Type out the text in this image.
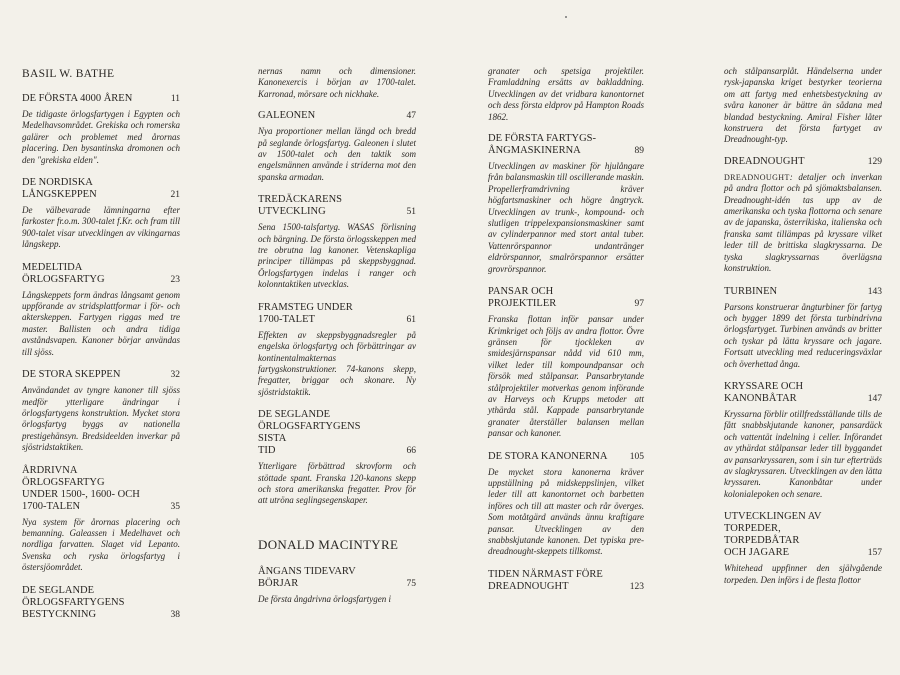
BASIL W. BATHE
DE FÖRSTA 4000 ÅREN	11
De tidigaste örlogsfartygen i Egypten och Medelhavsområdet. Grekiska och romerska galärer och problemet med årornas placering. Den bysantinska dromonen och den "grekiska elden".
DE NORDISKA
LÅNGSKEPPEN	21
De välbevarade lämningarna efter farkoster fr.o.m. 300-talet f.Kr. och fram till 900-talet visar utvecklingen av vikingarnas långskepp.
MEDELTIDA
ÖRLOGSFARTYG	23
Långskeppets form ändras långsamt genom uppförande av stridsplattformar i för- och akterskeppen. Fartygen riggas med tre master. Ballisten och andra tidiga avståndsvapen. Kanoner börjar användas till sjöss.
DE STORA SKEPPEN	32
Användandet av tyngre kanoner till sjöss medför ytterligare ändringar i örlogsfartygens konstruktion. Mycket stora örlogsfartyg byggs av nationella prestigehänsyn. Bredsideelden inverkar på sjöstridstaktiken.
ÅRDRIVNA ÖRLOGSFARTYG
UNDER 1500-, 1600- OCH
1700-TALEN	35
Nya system för årornas placering och bemanning. Galeassen i Medelhavet och nordliga farvatten. Slaget vid Lepanto. Svenska och ryska örlogsfartyg i östersjöområdet.
DE SEGLANDE
ÖRLOGSFARTYGENS
BESTYCKNING	38
nernas namn och dimensioner. Kanonexercis i början av 1700-talet. Karronad, mörsare och nickhake.
GALEONEN	47
Nya proportioner mellan längd och bredd på seglande örlogsfartyg. Galeonen i slutet av 1500-talet och den taktik som engelsmännen använde i striderna mot den spanska armadan.
TREDÄCKARENS
UTVECKLING	51
Sena 1500-talsfartyg. WASAS förlisning och bärgning. De första örlogsskeppen med tre obrutna lag kanoner. Vetenskapliga principer tillämpas på skeppsbyggnad. Örlogsfartygen indelas i ranger och kolonntaktiken utvecklas.
FRAMSTEG UNDER
1700-TALET	61
Effekten av skeppsbyggnadsregler på engelska örlogsfartyg och förbättringar av kontinentalmakternas fartygskonstruktioner. 74-kanons skepp, fregatter, briggar och skonare. Ny sjöstridstaktik.
DE SEGLANDE
ÖRLOGSFARTYGENS SISTA
TID	66
Ytterligare förbättrad skrovform och stöttade spant. Franska 120-kanons skepp och stora amerikanska fregatter. Prov för att utröna seglingsegenskaper.
DONALD MACINTYRE
ÅNGANS TIDEVARV
BÖRJAR	75
De första ångdrivna örlogsfartygen i
granater och spetsiga projektiler. Framladdning ersätts av bakladdning. Utvecklingen av det vridbara kanontornet och dess första eldprov på Hampton Roads 1862.
DE FÖRSTA FARTYGS-
ÅNGMASKINERNA	89
Utvecklingen av maskiner för hjulångare från balansmaskin till oscillerande maskin. Propellerframdrivning kräver högfartsmaskiner och högre ångtryck. Utvecklingen av trunk-, kompound- och slutligen trippelexpansionsmaskiner samt av cylinderpannor med stort antal tuber. Vattenrörspannor undantränger eldrörspannor, smalrörspannor ersätter grovrörspannor.
PANSAR OCH
PROJEKTILER	97
Franska flottan inför pansar under Krimkriget och följs av andra flottor. Övre gränsen för tjockleken av smidesjärnspansar nådd vid 610 mm, vilket leder till kompoundpansar och försök med stålpansar. Pansarbrytande stålprojektiler motverkas genom införande av Harveys och Krupps metoder att ythärda stål. Kappade pansarbrytande granater återställer balansen mellan pansar och kanoner.
DE STORA KANONERNA	105
De mycket stora kanonerna kräver uppställning på midskeppslinjen, vilket leder till att kanontornet och barbetten införes och till att master och rår överges. Som motåtgärd används ännu kraftigare pansar. Utvecklingen av den snabbskjutande kanonen. Det typiska pre-dreadnought-skeppets tillkomst.
TIDEN NÄRMAST FÖRE
DREADNOUGHT	123
och stålpansarplåt. Händelserna under rysk-japanska kriget bestyrker teorierna om att fartyg med enhetsbestyckning av svåra kanoner är bättre än sådana med blandad bestyckning. Amiral Fisher låter konstruera det första fartyget av Dreadnought-typ.
DREADNOUGHT	129
DREADNOUGHT: detaljer och inverkan på andra flottor och på sjömaktsbalansen. Dreadnought-idén tas upp av de amerikanska och tyska flottorna och senare av de japanska, österrikiska, italienska och franska samt tillämpas på kryssare vilket leder till de brittiska slagkryssarna. De tyska slagkryssarnas överlägsna konstruktion.
TURBINEN	143
Parsons konstruerar ångturbiner för fartyg och bygger 1899 det första turbindrivna örlogsfartyget. Turbinen används av britter och tyskar på lätta kryssare och jagare. Fortsatt utveckling med reduceringsväxlar och överhettad ånga.
KRYSSARE OCH
KANONBÅTAR	147
Kryssarna förblir otillfredsställande tills de fått snabbskjutande kanoner, pansardäck och vattentät indelning i celler. Införandet av ythärdat stålpansar leder till byggandet av pansarkryssaren, som i sin tur efterträds av slagkryssaren. Utvecklingen av den lätta kryssaren. Kanonbåtar under kolonialepoken och senare.
UTVECKLINGEN AV
TORPEDER, TORPEDBÅTAR
OCH JAGARE	157
Whitehead uppfinner den självgående torpeden. Den införs i de flesta flottor
